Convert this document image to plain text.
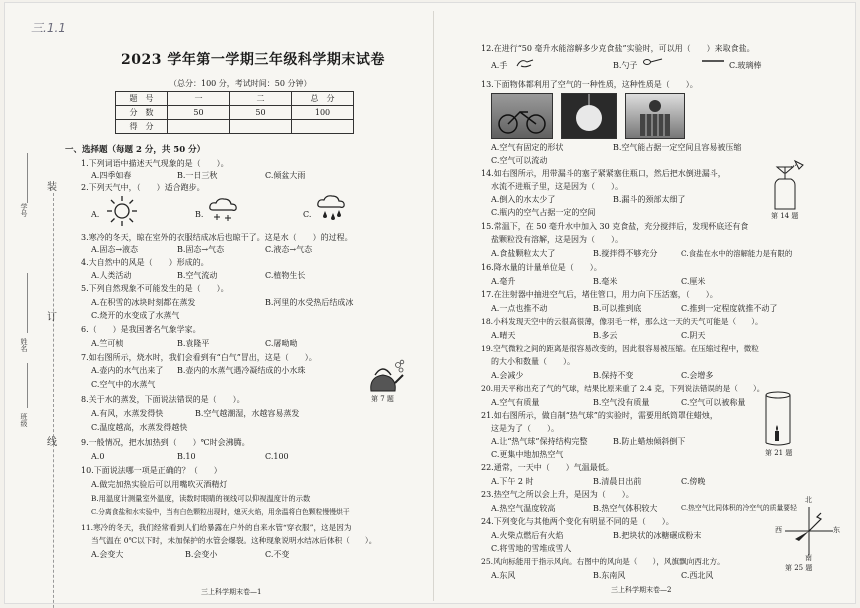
三.1.1
装
订
线
学号
姓名
班级
2023 学年第一学期三年级科学期末试卷
（总分：100 分，考试时间：50 分钟）
题　号	一	二	总　分
分　数	50	50	100
得　分			
一、选择题（每题 2 分，共 50 分）
1.下列词语中描述天气现象的是（　　）。
A.四季如春	B.一日三秋	C.倾盆大雨
2.下列天气中，（　　）适合跑步。
A.	B.	C.
3.寒冷的冬天，晾在室外的衣服结成冰后也晾干了。这是水（　　）的过程。
A.固态→液态	B.固态→气态	C.液态→气态
4.大自然中的风是（　　）形成的。
A.人类活动	B.空气流动	C.植物生长
5.下列自然现象不可能发生的是（　　）。
A.在积雪的冰块时刻都在蒸发	B.河里的水受热后结成冰
C.烧开的水变成了水蒸气
6.（　　）是我国著名气象学家。
A.竺可桢	B.袁隆平	C.屠呦呦
7.如右图所示，烧水时，我们会看到有“白气”冒出，这是（　　）。
A.壶内的水气出来了 B.壶内的水蒸气遇冷凝结成的小水珠
C.空气中的水蒸气
第 7 题
8.关于水的蒸发，下面说法错误的是（　　）。
A.有风，水蒸发得快	B.空气越潮湿，水越容易蒸发
C.温度越高，水蒸发得越快
9.一般情况，把水加热到（　　）℃时会沸腾。
A.0	B.10	C.100
10.下面说法哪一项是正确的？（　　）
A.做完加热实验后可以用嘴吹灭酒精灯
B.用温度计测量室外温度，读数时眼睛的视线可以仰视温度计的示数
C.分离食盐和水实验中，当有白色颗粒出现时，熄灭火焰，用余温将白色颗粒慢慢烘干
11.寒冷的冬天，我们经常看到人们给暴露在户外的自来水管“穿衣服”，这是因为
当气温在 0℃以下时，未加保护的水管会爆裂。这种现象说明水结冰后体积（　　）。
A.会变大	B.会变小	C.不变
三上科学期末卷—1
12.在进行“50 毫升水能溶解多少克食盐”实验时，可以用（　　）来取食盐。
A.手	B.勺子	C.玻璃棒
13.下面物体都利用了空气的一种性质，这种性质是（　　）。
A.空气有固定的形状	B.空气能占据一定空间且容易被压缩
C.空气可以流动
14.如右图所示，用带漏斗的塞子紧紧塞住瓶口，然后把水倒进漏斗，
水流不进瓶子里，这是因为（　　）。
A.倒入的水太少了	B.漏斗的颈部太细了
C.瓶内的空气占据一定的空间	第 14 题
15.常温下，在 50 毫升水中加入 30 克食盐，充分搅拌后，发现杯底还有食
盐颗粒没有溶解，这是因为（　　）。
A.食盐颗粒太大了	B.搅拌得不够充分	C.食盐在水中的溶解能力是有限的
16.降水量的计量单位是（　　）。
A.毫升	B.毫米	C.厘米
17.在注射器中抽进空气后，堵住管口，用力向下压活塞，（　　）。
A.一点也推不动	B.可以推到底	C.推到一定程度就推不动了
18.小科发现天空中的云很高很薄，像羽毛一样，那么这一天的天气可能是（　　）。
A.晴天	B.多云	C.阴天
19.空气微粒之间的距离是很容易改变的，因此很容易被压缩。在压缩过程中，微粒
的大小和数量（　　）。
A.会减少	B.保持不变	C.会增多
20.用天平称出充了气的气球，结果比原来重了 2.4 克，下列说法错误的是（　　）。
A.空气有质量	B.空气没有质量	C.空气可以被称量
21.如右图所示，做自制“热气球”的实验时，需要用纸筒罩住蜡烛，
这是为了（　　）。
A.让“热气球”保持结构完整	B.防止蜡烛倾斜倒下
C.更集中地加热空气	第 21 题
22.通常，一天中（　　）气温最低。
A.下午 2 时	B.清晨日出前	C.傍晚
23.热空气之所以会上升，是因为（　　）。
A.热空气温度较高	B.热空气体积较大	C.热空气比同体积的冷空气的质量要轻
24.下列变化与其他两个变化有明显不同的是（　　）。
A.火柴点燃后有火焰	B.把块状的冰糖碾成粉末
C.将雪地的雪堆成雪人
25.风向标能用于指示风向。右图中的风向是（　　），风旗飘向西北方。
A.东风	B.东南风	C.西北风
北
南
东
西
第 25 题
三上科学期末卷—2
